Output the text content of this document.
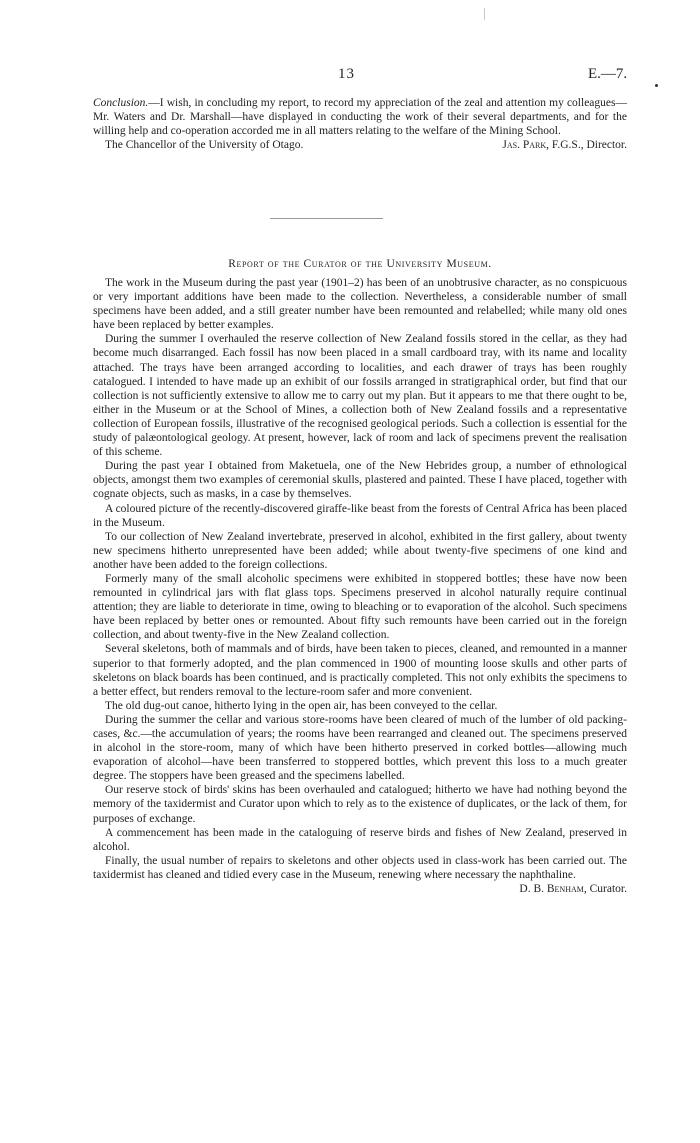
13	E.—7.

Conclusion.—I wish, in concluding my report, to record my appreciation of the zeal and attention my colleagues—Mr. Waters and Dr. Marshall—have displayed in conducting the work of their several departments, and for the willing help and co-operation accorded me in all matters relating to the welfare of the Mining School.
Jas. Park, F.G.S., Director.

The Chancellor of the University of Otago.

Report of the Curator of the University Museum.

The work in the Museum during the past year (1901–2) has been of an unobtrusive character, as no conspicuous or very important additions have been made to the collection. Nevertheless, a considerable number of small specimens have been added, and a still greater number have been remounted and relabelled; while many old ones have been replaced by better examples.

During the summer I overhauled the reserve collection of New Zealand fossils stored in the cellar, as they had become much disarranged. Each fossil has now been placed in a small cardboard tray, with its name and locality attached. The trays have been arranged according to localities, and each drawer of trays has been roughly catalogued. I intended to have made up an exhibit of our fossils arranged in stratigraphical order, but find that our collection is not sufficiently extensive to allow me to carry out my plan. But it appears to me that there ought to be, either in the Museum or at the School of Mines, a collection both of New Zealand fossils and a representative collection of European fossils, illustrative of the recognised geological periods. Such a collection is essential for the study of palæontological geology. At present, however, lack of room and lack of specimens prevent the realisation of this scheme.

During the past year I obtained from Maketuela, one of the New Hebrides group, a number of ethnological objects, amongst them two examples of ceremonial skulls, plastered and painted. These I have placed, together with cognate objects, such as masks, in a case by themselves.

A coloured picture of the recently-discovered giraffe-like beast from the forests of Central Africa has been placed in the Museum.

To our collection of New Zealand invertebrate, preserved in alcohol, exhibited in the first gallery, about twenty new specimens hitherto unrepresented have been added; while about twenty-five specimens of one kind and another have been added to the foreign collections.

Formerly many of the small alcoholic specimens were exhibited in stoppered bottles; these have now been remounted in cylindrical jars with flat glass tops. Specimens preserved in alcohol naturally require continual attention; they are liable to deteriorate in time, owing to bleaching or to evaporation of the alcohol. Such specimens have been replaced by better ones or remounted. About fifty such remounts have been carried out in the foreign collection, and about twenty-five in the New Zealand collection.

Several skeletons, both of mammals and of birds, have been taken to pieces, cleaned, and remounted in a manner superior to that formerly adopted, and the plan commenced in 1900 of mounting loose skulls and other parts of skeletons on black boards has been continued, and is practically completed. This not only exhibits the specimens to a better effect, but renders removal to the lecture-room safer and more convenient.

The old dug-out canoe, hitherto lying in the open air, has been conveyed to the cellar.

During the summer the cellar and various store-rooms have been cleared of much of the lumber of old packing-cases, &c.—the accumulation of years; the rooms have been rearranged and cleaned out. The specimens preserved in alcohol in the store-room, many of which have been hitherto preserved in corked bottles—allowing much evaporation of alcohol—have been transferred to stoppered bottles, which prevent this loss to a much greater degree. The stoppers have been greased and the specimens labelled.

Our reserve stock of birds' skins has been overhauled and catalogued; hitherto we have had nothing beyond the memory of the taxidermist and Curator upon which to rely as to the existence of duplicates, or the lack of them, for purposes of exchange.

A commencement has been made in the cataloguing of reserve birds and fishes of New Zealand, preserved in alcohol.

Finally, the usual number of repairs to skeletons and other objects used in class-work has been carried out. The taxidermist has cleaned and tidied every case in the Museum, renewing where necessary the naphthaline.
D. B. Benham, Curator.
